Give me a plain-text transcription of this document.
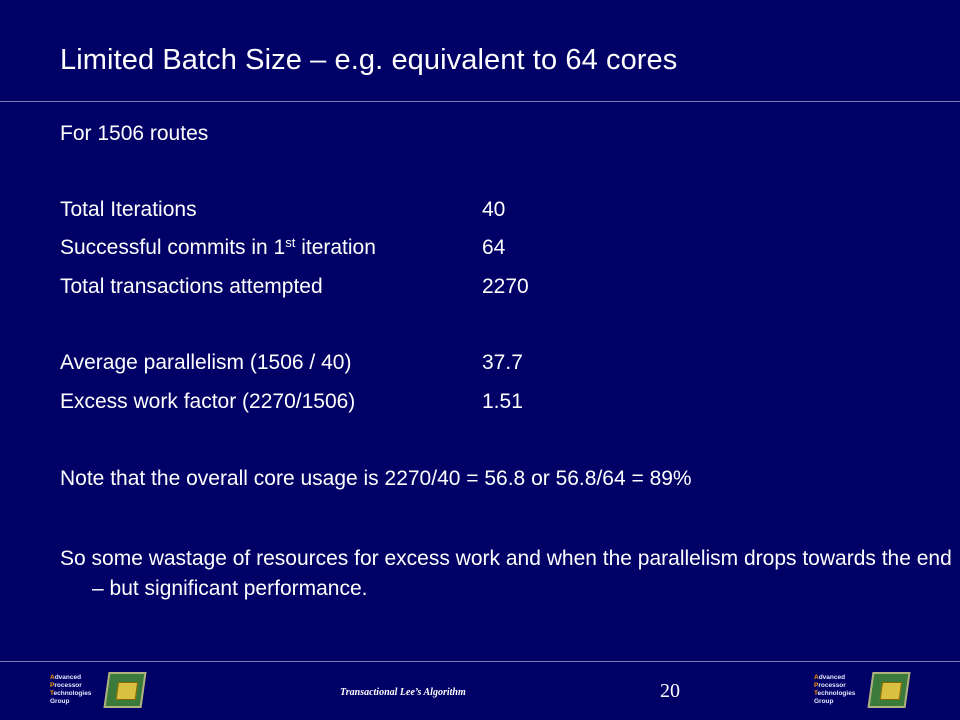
Limited Batch Size – e.g. equivalent to 64 cores
For 1506 routes
Total Iterations	40
Successful commits in 1st iteration	64
Total transactions attempted	2270
Average parallelism (1506 / 40)	37.7
Excess work factor (2270/1506)	1.51
Note that the overall core usage is 2270/40 = 56.8 or 56.8/64 = 89%
So some wastage of resources for excess work and when the parallelism drops towards the end – but significant performance.
Advanced
Processor
Technologies
Group
Transactional Lee’s Algorithm	20
Advanced
Processor
Technologies
Group
